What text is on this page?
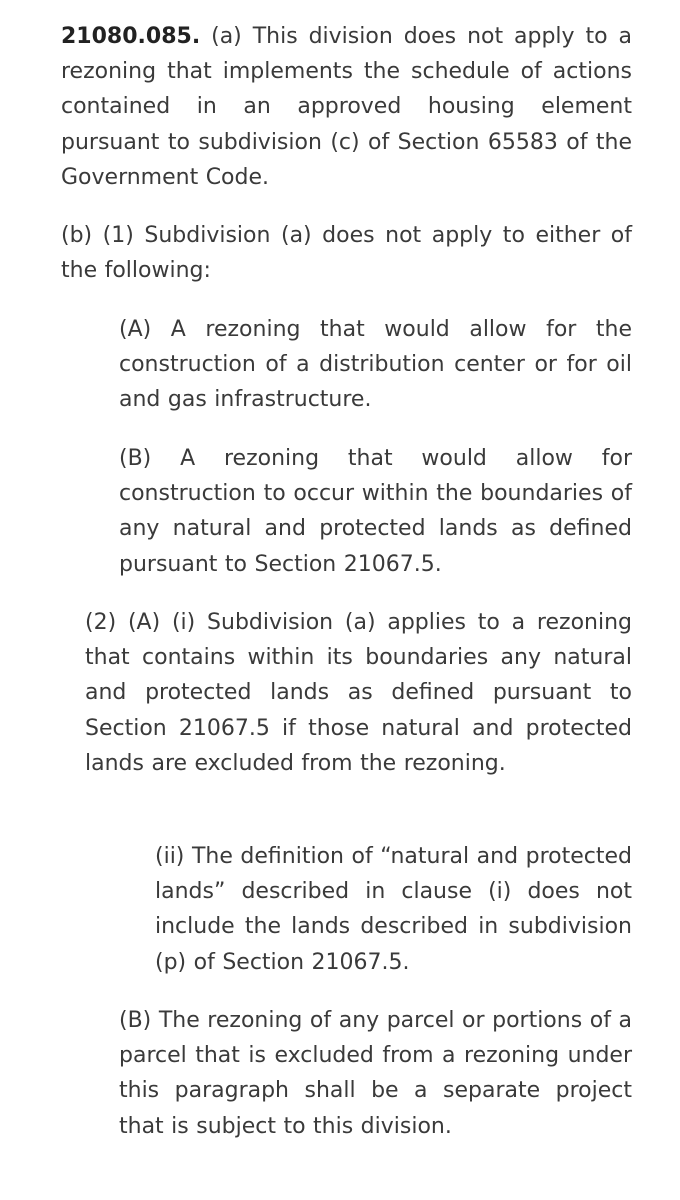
21080.085. (a) This division does not apply to a rezoning that implements the schedule of actions contained in an approved housing element pursuant to subdivision (c) of Section 65583 of the Government Code.

(b) (1) Subdivision (a) does not apply to either of the following:

(A) A rezoning that would allow for the construction of a distribution center or for oil and gas infrastructure.

(B) A rezoning that would allow for construction to occur within the boundaries of any natural and protected lands as defined pursuant to Section 21067.5.

(2) (A) (i) Subdivision (a) applies to a rezoning that contains within its boundaries any natural and protected lands as defined pursuant to Section 21067.5 if those natural and protected lands are excluded from the rezoning.

(ii) The definition of “natural and protected lands” described in clause (i) does not include the lands described in subdivision (p) of Section 21067.5.

(B) The rezoning of any parcel or portions of a parcel that is excluded from a rezoning under this paragraph shall be a separate project that is subject to this division.
